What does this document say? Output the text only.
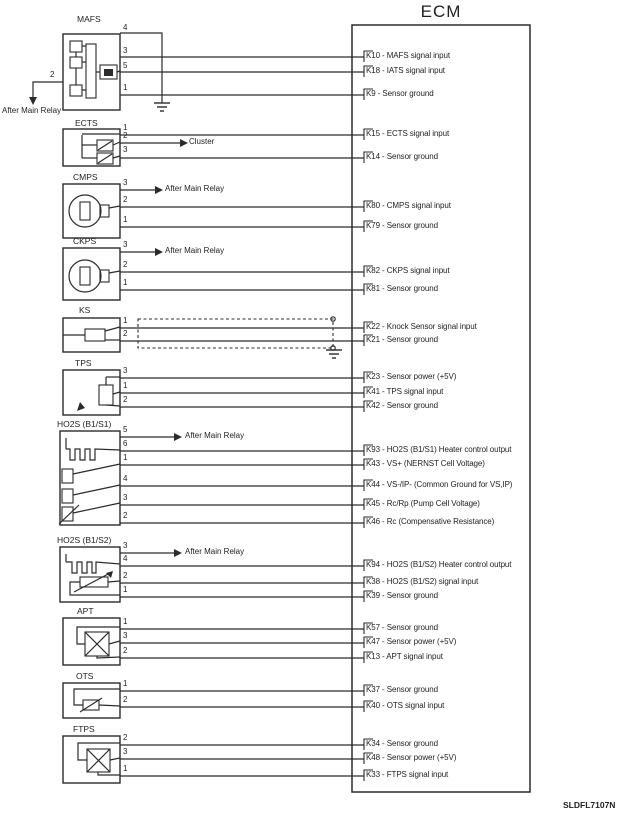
ECM
SLDFL7107N
K10 - MAFS signal input
K18 - IATS signal input
K9 - Sensor ground
K15 - ECTS signal input
K14 - Sensor ground
K80 - CMPS signal input
K79 - Sensor ground
K82 - CKPS signal input
K81 - Sensor ground
K22 - Knock Sensor signal input
K21 - Sensor ground
K23 - Sensor power (+5V)
K41 - TPS signal input
K42 - Sensor ground
K93 - HO2S (B1/S1) Heater control output
K43 - VS+ (NERNST Cell Voltage)
K44 - VS-/IP- (Common Ground for VS,IP)
K45 - Rc/Rp (Pump Cell Voltage)
K46 - Rc (Compensative Resistance)
K94 - HO2S (B1/S2) Heater control output
K38 - HO2S (B1/S2) signal input
K39 - Sensor ground
K57 - Sensor ground
K47 - Sensor power (+5V)
K13 - APT signal input
K37 - Sensor ground
K40 - OTS signal input
K34 - Sensor ground
K48 - Sensor power (+5V)
K33 - FTPS signal input
MAFS
4
3
5
1
2
ECTS	1
2
3
CMPS
3
2
1
CKPS	3
2
1
KS
1
2
TPS
3
1
2
HO2S (B1/S1)
5
6
1
4
3
2
HO2S (B1/S2)
3
4
2
1
APT
1
3
2
OTS
1
2
FTPS
2
3
1
After Main Relay
Cluster
After Main Relay
After Main Relay
After Main Relay
After Main Relay
